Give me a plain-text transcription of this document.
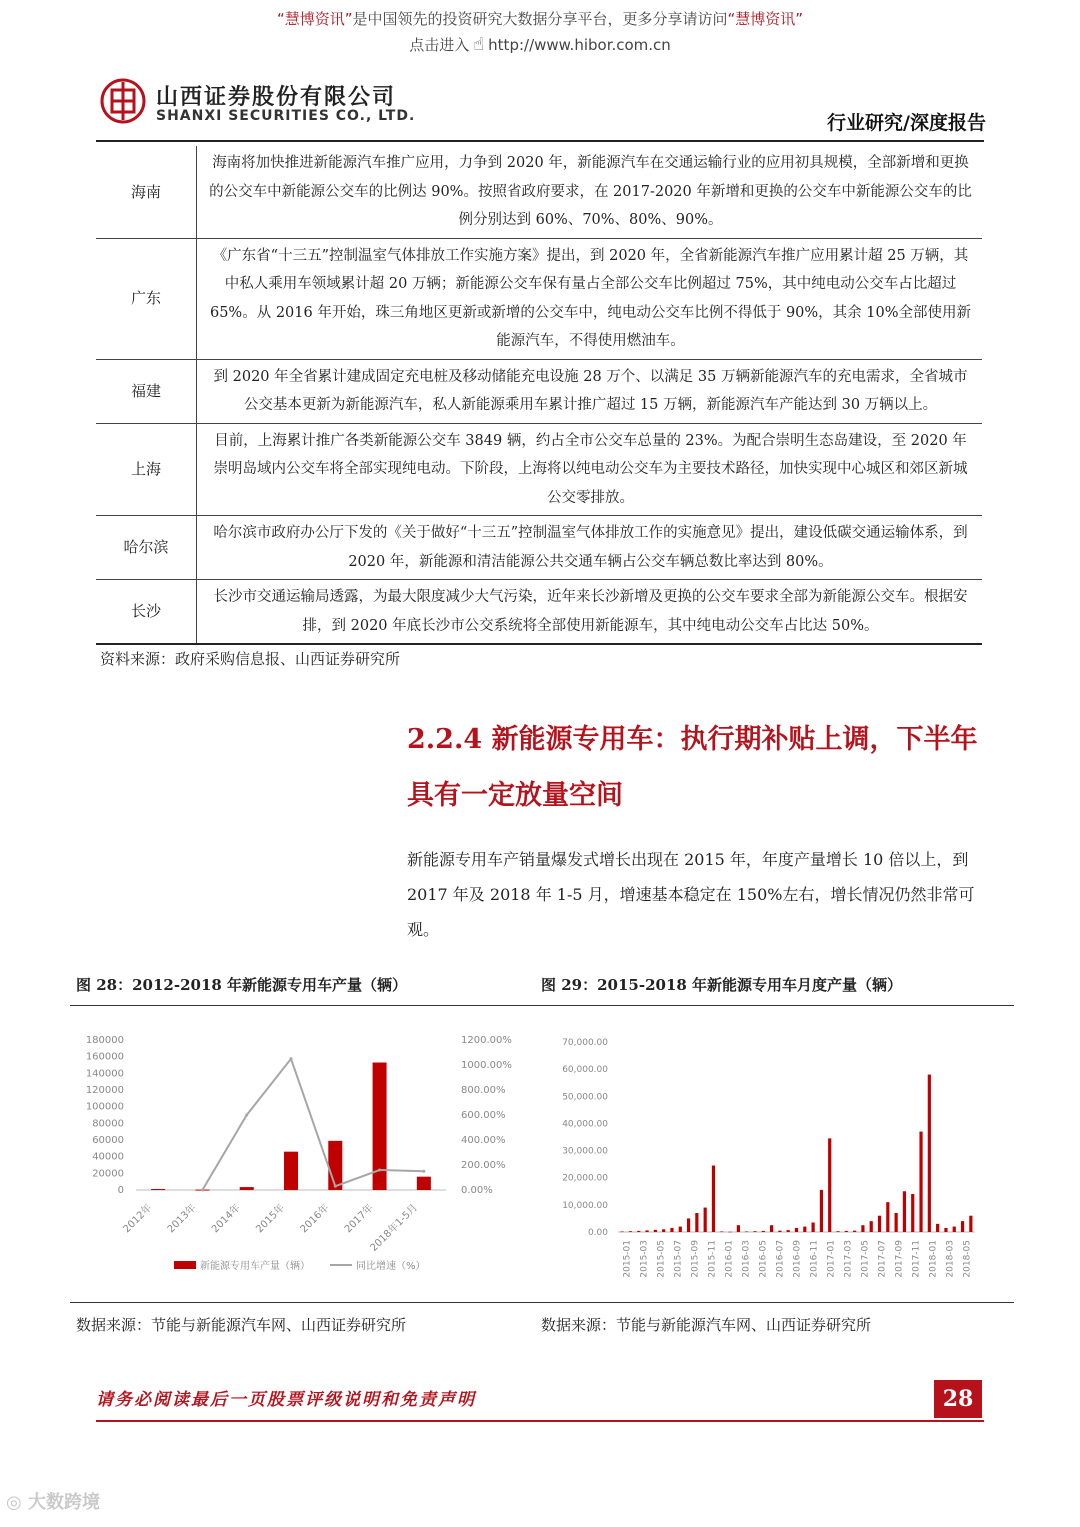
“慧博资讯”是中国领先的投资研究大数据分享平台，更多分享请访问“慧博资讯”
点击进入 ☝ http://www.hibor.com.cn
山西证券股份有限公司
SHANXI SECURITIES CO., LTD.	行业研究/深度报告
海南	海南将加快推进新能源汽车推广应用，力争到 2020 年，新能源汽车在交通运输行业的应用初具规模，全部新增和更换的公交车中新能源公交车的比例达 90%。按照省政府要求，在 2017-2020 年新增和更换的公交车中新能源公交车的比例分别达到 60%、70%、80%、90%。
广东	《广东省“十三五”控制温室气体排放工作实施方案》提出，到 2020 年，全省新能源汽车推广应用累计超 25 万辆，其中私人乘用车领域累计超 20 万辆；新能源公交车保有量占全部公交车比例超过 75%，其中纯电动公交车占比超过 65%。从 2016 年开始，珠三角地区更新或新增的公交车中，纯电动公交车比例不得低于 90%，其余 10%全部使用新能源汽车，不得使用燃油车。
福建	到 2020 年全省累计建成固定充电桩及移动储能充电设施 28 万个、以满足 35 万辆新能源汽车的充电需求，全省城市公交基本更新为新能源汽车，私人新能源乘用车累计推广超过 15 万辆，新能源汽车产能达到 30 万辆以上。
上海	目前，上海累计推广各类新能源公交车 3849 辆，约占全市公交车总量的 23%。为配合崇明生态岛建设，至 2020 年崇明岛域内公交车将全部实现纯电动。下阶段，上海将以纯电动公交车为主要技术路径，加快实现中心城区和郊区新城公交零排放。
哈尔滨	哈尔滨市政府办公厅下发的《关于做好“十三五”控制温室气体排放工作的实施意见》提出，建设低碳交通运输体系，到 2020 年，新能源和清洁能源公共交通车辆占公交车辆总数比率达到 80%。
长沙	长沙市交通运输局透露，为最大限度减少大气污染，近年来长沙新增及更换的公交车要求全部为新能源公交车。根据安排，到 2020 年底长沙市公交系统将全部使用新能源车，其中纯电动公交车占比达 50%。
资料来源：政府采购信息报、山西证券研究所
2.2.4 新能源专用车：执行期补贴上调，下半年
具有一定放量空间
新能源专用车产销量爆发式增长出现在 2015 年，年度产量增长 10 倍以上，到 2017 年及 2018 年 1-5 月，增速基本稳定在 150%左右，增长情况仍然非常可观。
图 28：2012-2018 年新能源专用车产量（辆）	图 29：2015-2018 年新能源专用车月度产量（辆）
0
20000
40000
60000
80000
100000
120000
140000
160000
180000
0.00%
200.00%
400.00%
600.00%
800.00%
1000.00%
1200.00%
2012年 2013年 2014年 2015年 2016年 2017年
2018年1-5月
新能源专用车产量（辆）	同比增速（%）
0.00
10,000.00
20,000.00
30,000.00
40,000.00
50,000.00
60,000.00
70,000.00
2015-01 2015-03 2015-05 2015-07 2015-09 2015-11 2016-01 2016-03 2016-05 2016-07 2016-09 2016-11 2017-01 2017-03 2017-05 2017-07 2017-09 2017-11 2018-01 2018-03 2018-05
数据来源：节能与新能源汽车网、山西证券研究所	数据来源：节能与新能源汽车网、山西证券研究所
请务必阅读最后一页股票评级说明和免责声明	28
◎ 大数跨境
